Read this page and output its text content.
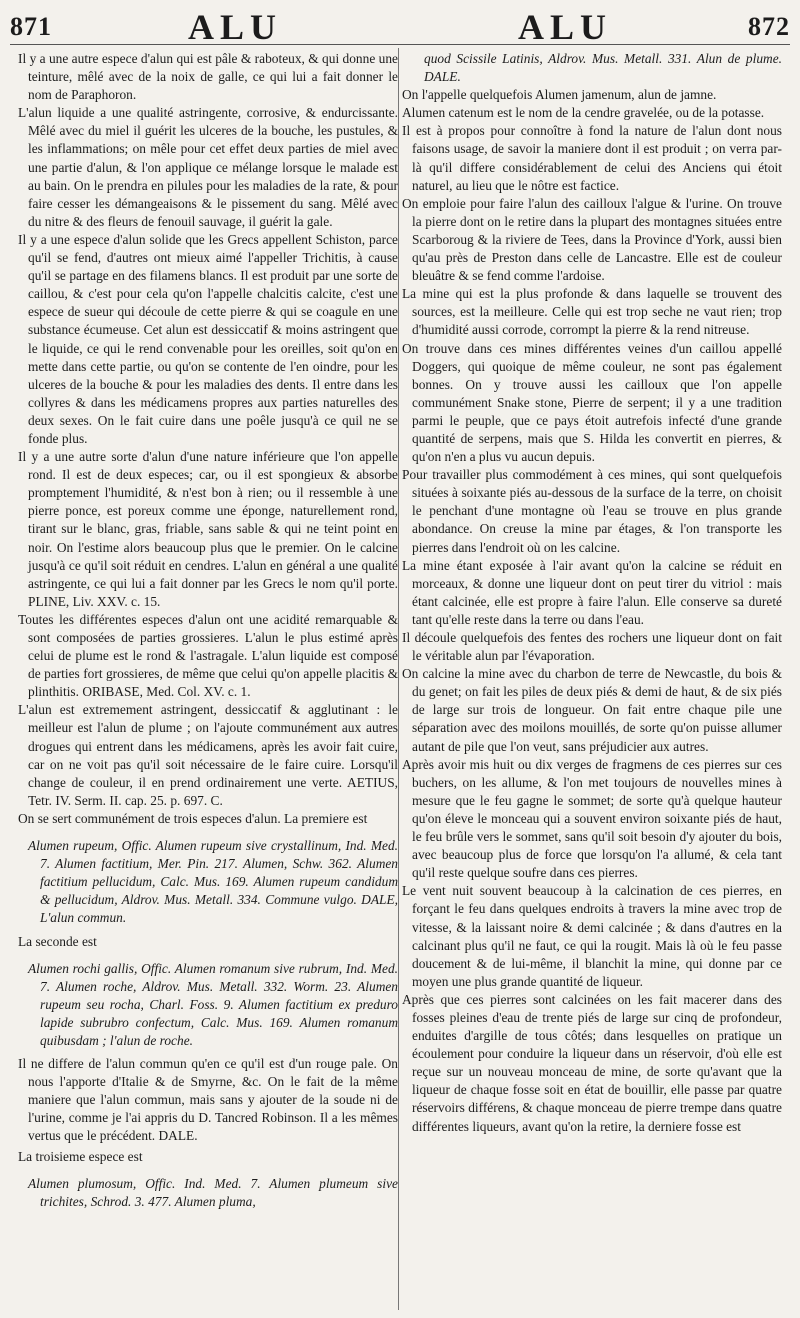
871	ALU	ALU	872

Il y a une autre espece d'alun qui est pâle & raboteux, & qui donne une teinture, mêlé avec de la noix de galle, ce qui lui a fait donner le nom de Paraphoron.

L'alun liquide a une qualité astringente, corrosive, & endurcissante. Mêlé avec du miel il guérit les ulceres de la bouche, les pustules, & les inflammations; on mêle pour cet effet deux parties de miel avec une partie d'alun, & l'on applique ce mélange lorsque le malade est au bain. On le prendra en pilules pour les maladies de la rate, & pour faire cesser les démangeaisons & le pissement du sang. Mêlé avec du nitre & des fleurs de fenouil sauvage, il guérit la gale.

Il y a une espece d'alun solide que les Grecs appellent Schiston, parce qu'il se fend, d'autres ont mieux aimé l'appeller Trichitis, à cause qu'il se partage en des filamens blancs. Il est produit par une sorte de caillou, & c'est pour cela qu'on l'appelle chalcitis calcite, c'est une espece de sueur qui découle de cette pierre & qui se coagule en une substance écumeuse. Cet alun est dessiccatif & moins astringent que le liquide, ce qui le rend convenable pour les oreilles, soit qu'on en mette dans cette partie, ou qu'on se contente de l'en oindre, pour les ulceres de la bouche & pour les maladies des dents. Il entre dans les collyres & dans les médicamens propres aux parties naturelles des deux sexes. On le fait cuire dans une poêle jusqu'à ce quil ne se fonde plus.

Il y a une autre sorte d'alun d'une nature inférieure que l'on appelle rond. Il est de deux especes; car, ou il est spongieux & absorbe promptement l'humidité, & n'est bon à rien; ou il ressemble à une pierre ponce, est poreux comme une éponge, naturellement rond, tirant sur le blanc, gras, friable, sans sable & qui ne teint point en noir. On l'estime alors beaucoup plus que le premier. On le calcine jusqu'à ce qu'il soit réduit en cendres. L'alun en général a une qualité astringente, ce qui lui a fait donner par les Grecs le nom qu'il porte. PLINE, Liv. XXV. c. 15.

Toutes les différentes especes d'alun ont une acidité remarquable & sont composées de parties grossieres. L'alun le plus estimé après celui de plume est le rond & l'astragale. L'alun liquide est composé de parties fort grossieres, de même que celui qu'on appelle placitis & plinthitis. ORIBASE, Med. Col. XV. c. 1.

L'alun est extremement astringent, dessiccatif & agglutinant : le meilleur est l'alun de plume ; on l'ajoute communément aux autres drogues qui entrent dans les médicamens, après les avoir fait cuire, car on ne voit pas qu'il soit nécessaire de le faire cuire. Lorsqu'il change de couleur, il en prend ordinairement une verte. AETIUS, Tetr. IV. Serm. II. cap. 25. p. 697. C.

On se sert communément de trois especes d'alun. La premiere est

Alumen rupeum, Offic. Alumen rupeum sive crystallinum, Ind. Med. 7. Alumen factitium, Mer. Pin. 217. Alumen, Schw. 362. Alumen factitium pellucidum, Calc. Mus. 169. Alumen rupeum candidum & pellucidum, Aldrov. Mus. Metall. 334. Commune vulgo. DALE, L'alun commun.

La seconde est

Alumen rochi gallis, Offic. Alumen romanum sive rubrum, Ind. Med. 7. Alumen roche, Aldrov. Mus. Metall. 332. Worm. 23. Alumen rupeum seu rocha, Charl. Foss. 9. Alumen factitium ex preduro lapide subrubro confectum, Calc. Mus. 169. Alumen romanum quibusdam ; l'alun de roche.

Il ne differe de l'alun commun qu'en ce qu'il est d'un rouge pale. On nous l'apporte d'Italie & de Smyrne, &c. On le fait de la même maniere que l'alun commun, mais sans y ajouter de la soude ni de l'urine, comme je l'ai appris du D. Tancred Robinson. Il a les mêmes vertus que le précédent. DALE.

La troisieme espece est

Alumen plumosum, Offic. Ind. Med. 7. Alumen plumeum sive trichites, Schrod. 3. 477. Alumen pluma,

quod Scissile Latinis, Aldrov. Mus. Metall. 331. Alun de plume. DALE.

On l'appelle quelquefois Alumen jamenum, alun de jamne.

Alumen catenum est le nom de la cendre gravelée, ou de la potasse.

Il est à propos pour connoître à fond la nature de l'alun dont nous faisons usage, de savoir la maniere dont il est produit ; on verra par-là qu'il differe considérablement de celui des Anciens qui étoit naturel, au lieu que le nôtre est factice.

On emploie pour faire l'alun des cailloux l'algue & l'urine. On trouve la pierre dont on le retire dans la plupart des montagnes situées entre Scarboroug & la riviere de Tees, dans la Province d'York, aussi bien qu'au près de Preston dans celle de Lancastre. Elle est de couleur bleuâtre & se fend comme l'ardoise.

La mine qui est la plus profonde & dans laquelle se trouvent des sources, est la meilleure. Celle qui est trop seche ne vaut rien; trop d'humidité aussi corrode, corrompt la pierre & la rend nitreuse.

On trouve dans ces mines différentes veines d'un caillou appellé Doggers, qui quoique de même couleur, ne sont pas également bonnes. On y trouve aussi les cailloux que l'on appelle communément Snake stone, Pierre de serpent; il y a une tradition parmi le peuple, que ce pays étoit autrefois infecté d'une grande quantité de serpens, mais que S. Hilda les convertit en pierres, & qu'on n'en a plus vu aucun depuis.

Pour travailler plus commodément à ces mines, qui sont quelquefois situées à soixante piés au-dessous de la surface de la terre, on choisit le penchant d'une montagne où l'eau se trouve en plus grande abondance. On creuse la mine par étages, & l'on transporte les pierres dans l'endroit où on les calcine.

La mine étant exposée à l'air avant qu'on la calcine se réduit en morceaux, & donne une liqueur dont on peut tirer du vitriol : mais étant calcinée, elle est propre à faire l'alun. Elle conserve sa dureté tant qu'elle reste dans la terre ou dans l'eau.

Il découle quelquefois des fentes des rochers une liqueur dont on fait le véritable alun par l'évaporation.

On calcine la mine avec du charbon de terre de Newcastle, du bois & du genet; on fait les piles de deux piés & demi de haut, & de six piés de large sur trois de longueur. On fait entre chaque pile une séparation avec des moilons mouillés, de sorte qu'on puisse allumer autant de pile que l'on veut, sans préjudicier aux autres.

Après avoir mis huit ou dix verges de fragmens de ces pierres sur ces buchers, on les allume, & l'on met toujours de nouvelles mines à mesure que le feu gagne le sommet; de sorte qu'à quelque hauteur qu'on éleve le monceau qui a souvent environ soixante piés de haut, le feu brûle vers le sommet, sans qu'il soit besoin d'y ajouter du bois, avec beaucoup plus de force que lorsqu'on l'a allumé, & cela tant qu'il reste quelque soufre dans ces pierres.

Le vent nuit souvent beaucoup à la calcination de ces pierres, en forçant le feu dans quelques endroits à travers la mine avec trop de vitesse, & la laissant noire & demi calcinée ; & dans d'autres en la calcinant plus qu'il ne faut, ce qui la rougit. Mais là où le feu passe doucement & de lui-même, il blanchit la mine, qui donne par ce moyen une plus grande quantité de liqueur.

Après que ces pierres sont calcinées on les fait macerer dans des fosses pleines d'eau de trente piés de large sur cinq de profondeur, enduites d'argille de tous côtés; dans lesquelles on pratique un écoulement pour conduire la liqueur dans un réservoir, d'où elle est reçue sur un nouveau monceau de mine, de sorte qu'avant que la liqueur de chaque fosse soit en état de bouillir, elle passe par quatre réservoirs différens, & chaque monceau de pierre trempe dans quatre différentes liqueurs, avant qu'on la retire, la derniere fosse est
